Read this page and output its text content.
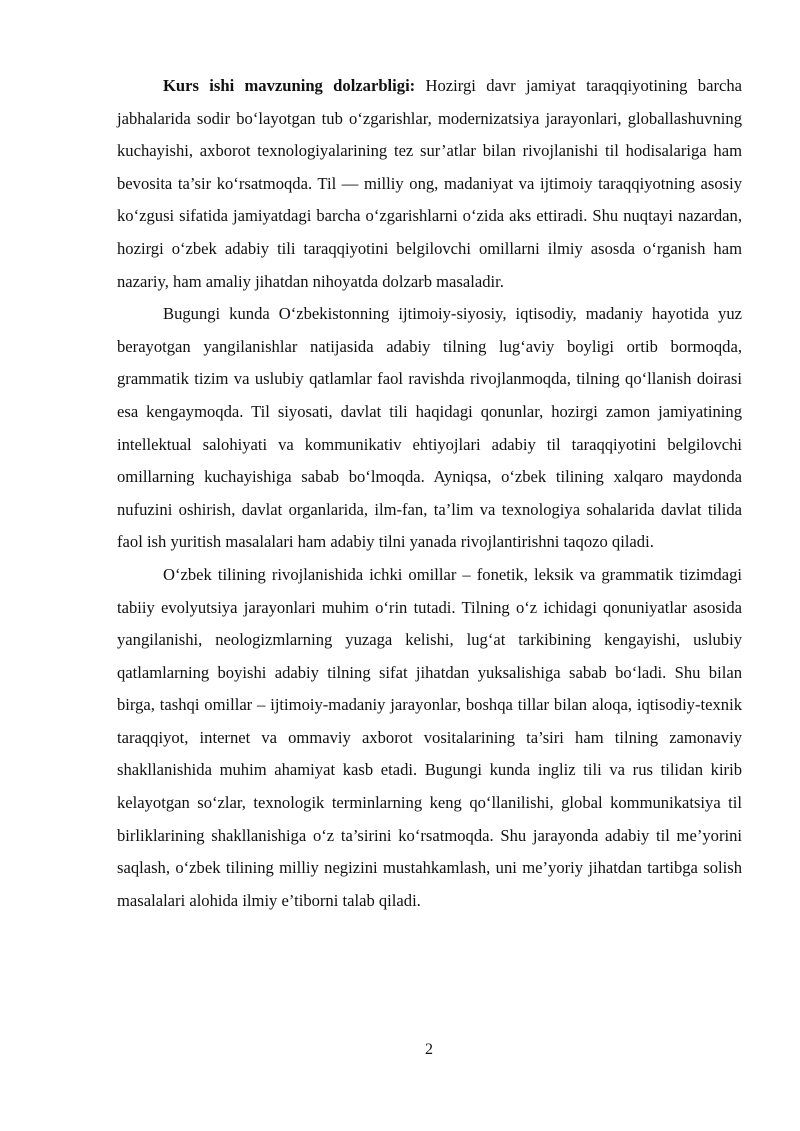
Kurs ishi mavzuning dolzarbligi: Hozirgi davr jamiyat taraqqiyotining barcha jabhalarida sodir bo‘layotgan tub o‘zgarishlar, modernizatsiya jarayonlari, globallashuvning kuchayishi, axborot texnologiyalarining tez sur’atlar bilan rivojlanishi til hodisalariga ham bevosita ta’sir ko‘rsatmoqda. Til — milliy ong, madaniyat va ijtimoiy taraqqiyotning asosiy ko‘zgusi sifatida jamiyatdagi barcha o‘zgarishlarni o‘zida aks ettiradi. Shu nuqtayi nazardan, hozirgi o‘zbek adabiy tili taraqqiyotini belgilovchi omillarni ilmiy asosda o‘rganish ham nazariy, ham amaliy jihatdan nihoyatda dolzarb masaladir.

Bugungi kunda O‘zbekistonning ijtimoiy-siyosiy, iqtisodiy, madaniy hayotida yuz berayotgan yangilanishlar natijasida adabiy tilning lug‘aviy boyligi ortib bormoqda, grammatik tizim va uslubiy qatlamlar faol ravishda rivojlanmoqda, tilning qo‘llanish doirasi esa kengaymoqda. Til siyosati, davlat tili haqidagi qonunlar, hozirgi zamon jamiyatining intellektual salohiyati va kommunikativ ehtiyojlari adabiy til taraqqiyotini belgilovchi omillarning kuchayishiga sabab bo‘lmoqda. Ayniqsa, o‘zbek tilining xalqaro maydonda nufuzini oshirish, davlat organlarida, ilm-fan, ta’lim va texnologiya sohalarida davlat tilida faol ish yuritish masalalari ham adabiy tilni yanada rivojlantirishni taqozo qiladi.

O‘zbek tilining rivojlanishida ichki omillar – fonetik, leksik va grammatik tizimdagi tabiiy evolyutsiya jarayonlari muhim o‘rin tutadi. Tilning o‘z ichidagi qonuniyatlar asosida yangilanishi, neologizmlarning yuzaga kelishi, lug‘at tarkibining kengayishi, uslubiy qatlamlarning boyishi adabiy tilning sifat jihatdan yuksalishiga sabab bo‘ladi. Shu bilan birga, tashqi omillar – ijtimoiy-madaniy jarayonlar, boshqa tillar bilan aloqa, iqtisodiy-texnik taraqqiyot, internet va ommaviy axborot vositalarining ta’siri ham tilning zamonaviy shakllanishida muhim ahamiyat kasb etadi. Bugungi kunda ingliz tili va rus tilidan kirib kelayotgan so‘zlar, texnologik terminlarning keng qo‘llanilishi, global kommunikatsiya til birliklarining shakllanishiga o‘z ta’sirini ko‘rsatmoqda. Shu jarayonda adabiy til me’yorini saqlash, o‘zbek tilining milliy negizini mustahkamlash, uni me’yoriy jihatdan tartibga solish masalalari alohida ilmiy e’tiborni talab qiladi.

2
